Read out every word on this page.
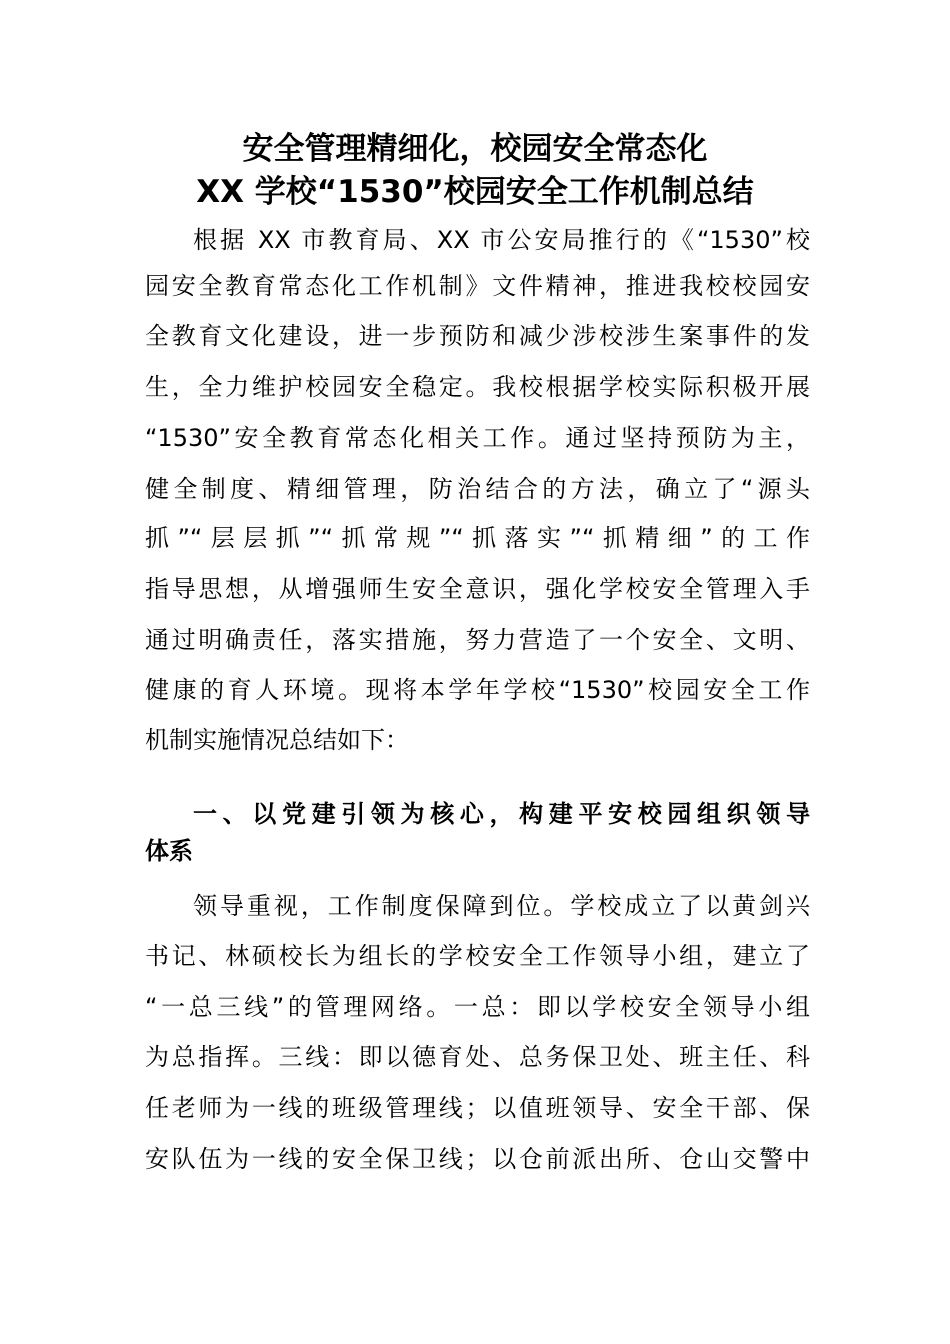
安全管理精细化，校园安全常态化
XX 学校“1530”校园安全工作机制总结
根据 XX 市教育局、XX 市公安局推行的《“1530”校
园安全教育常态化工作机制》文件精神，推进我校校园安
全教育文化建设，进一步预防和减少涉校涉生案事件的发
生，全力维护校园安全稳定。我校根据学校实际积极开展
“1530”安全教育常态化相关工作。通过坚持预防为主，
健全制度、精细管理，防治结合的方法，确立了“源头
抓”“层层抓”“抓常规”“抓落实”“抓精细”的工作
指导思想，从增强师生安全意识，强化学校安全管理入手
通过明确责任，落实措施，努力营造了一个安全、文明、
健康的育人环境。现将本学年学校“1530”校园安全工作
机制实施情况总结如下：
一、以党建引领为核心，构建平安校园组织领导
体系
领导重视，工作制度保障到位。学校成立了以黄剑兴
书记、林硕校长为组长的学校安全工作领导小组，建立了
“一总三线”的管理网络。一总：即以学校安全领导小组
为总指挥。三线：即以德育处、总务保卫处、班主任、科
任老师为一线的班级管理线；以值班领导、安全干部、保
安队伍为一线的安全保卫线；以仓前派出所、仓山交警中
